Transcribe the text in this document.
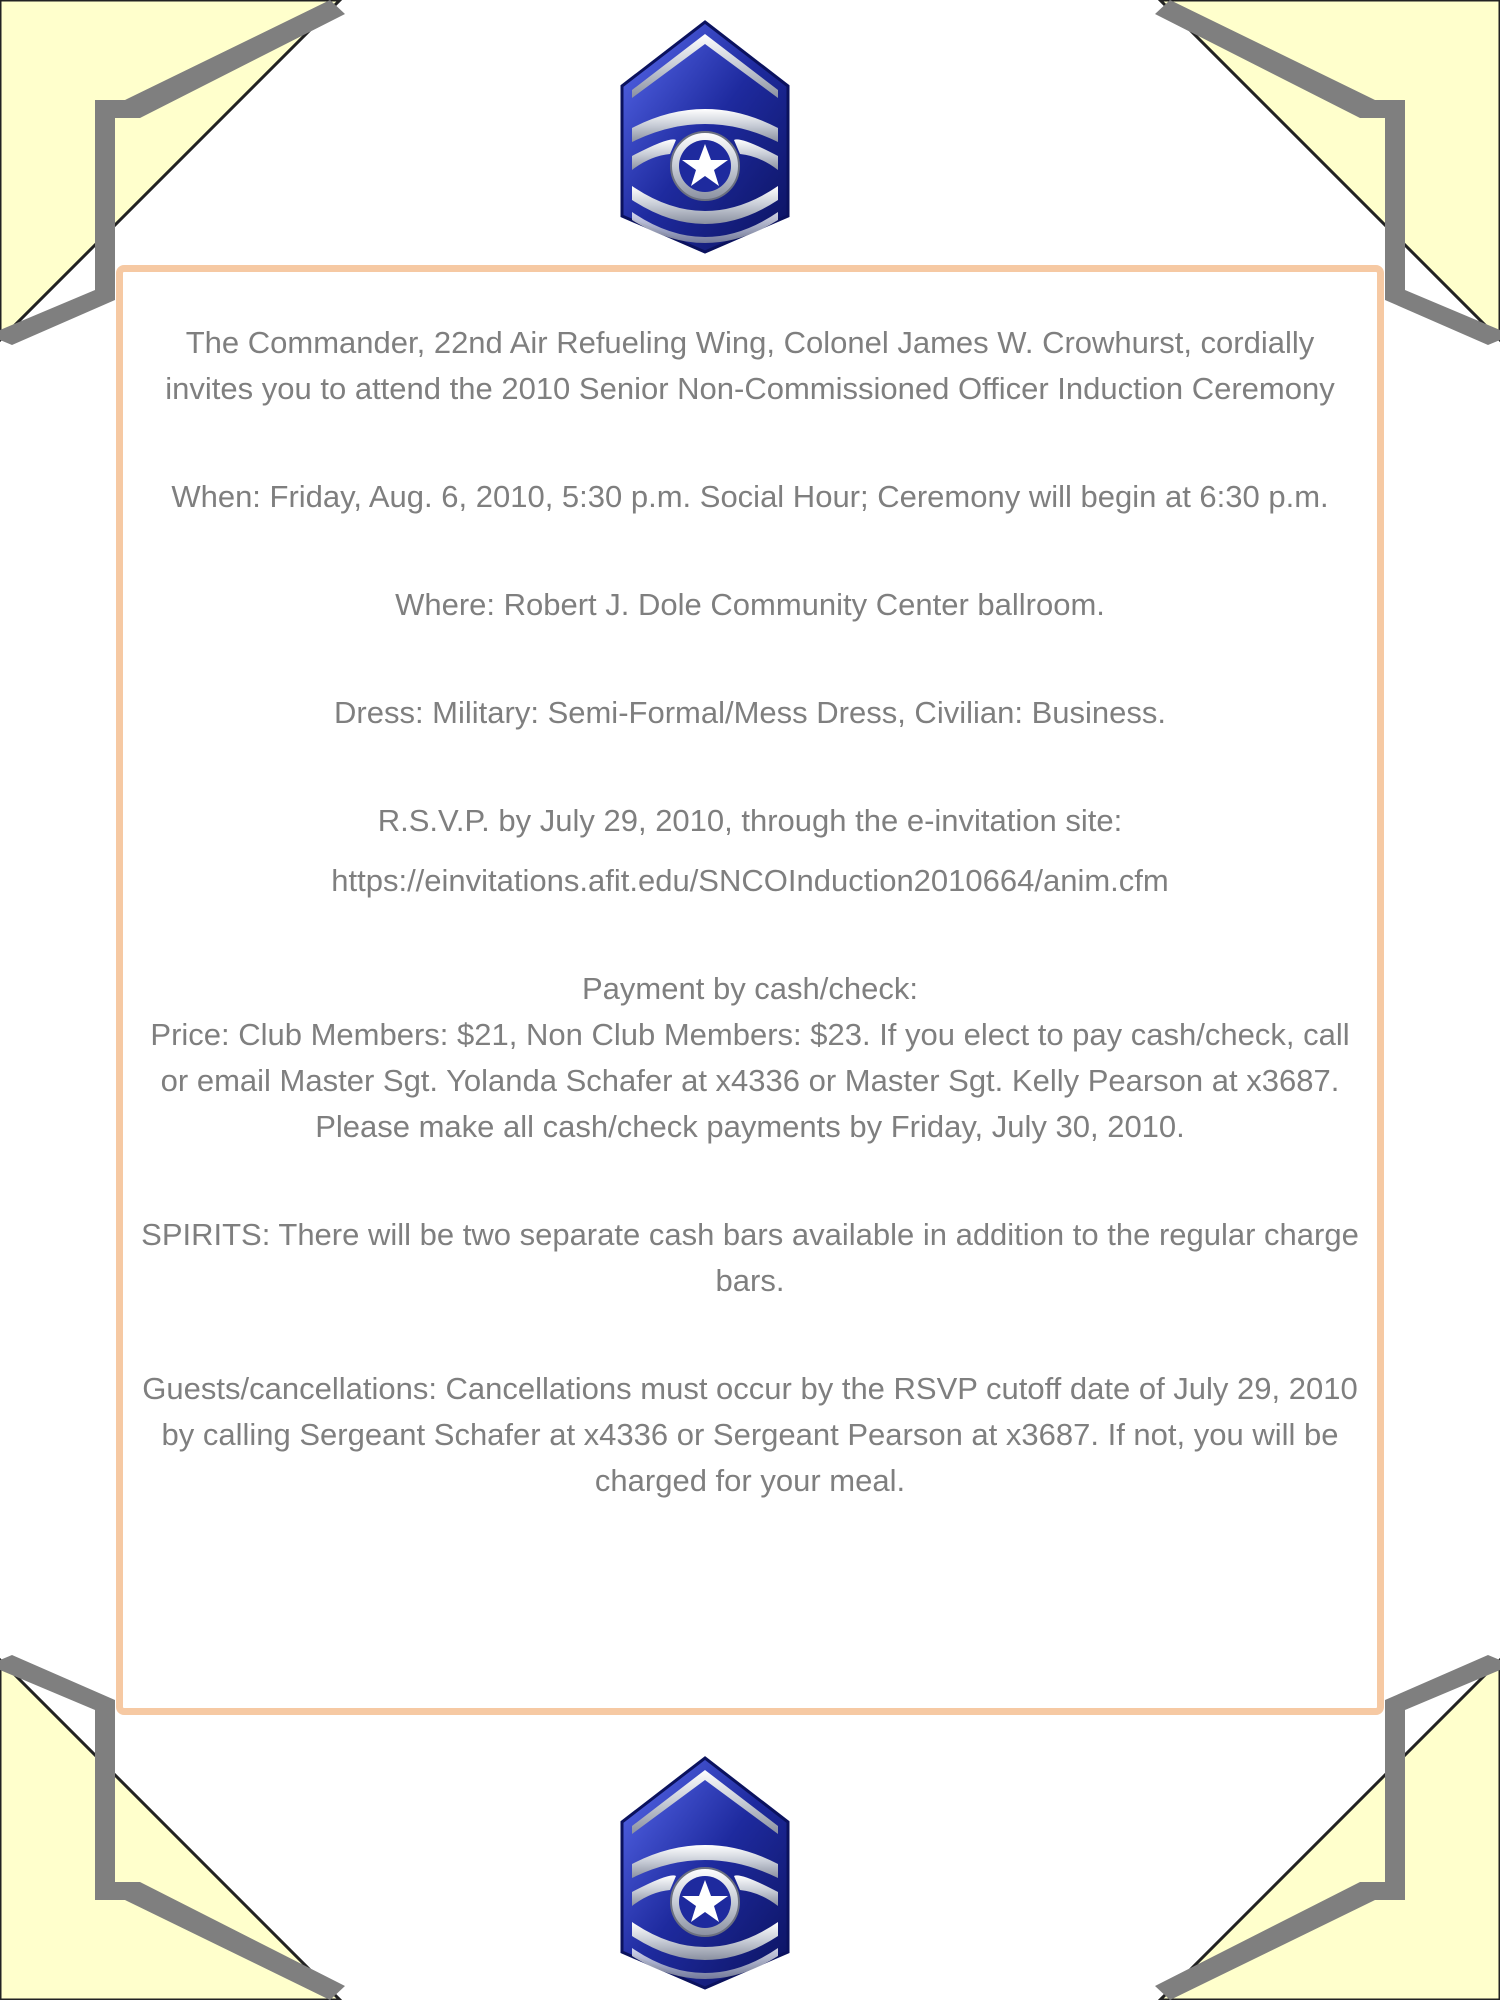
The Commander, 22nd Air Refueling Wing, Colonel James W. Crowhurst, cordially invites you to attend the 2010 Senior Non-Commissioned Officer Induction Ceremony

When: Friday, Aug. 6, 2010, 5:30 p.m. Social Hour; Ceremony will begin at 6:30 p.m.

Where: Robert J. Dole Community Center ballroom.

Dress: Military: Semi-Formal/Mess Dress, Civilian: Business.

R.S.V.P. by July 29, 2010, through the e-invitation site:

https://einvitations.afit.edu/SNCOInduction2010664/anim.cfm

Payment by cash/check:

Price: Club Members: $21, Non Club Members: $23. If you elect to pay cash/check, call or email Master Sgt. Yolanda Schafer at x4336 or Master Sgt. Kelly Pearson at x3687. Please make all cash/check payments by Friday, July 30, 2010.

SPIRITS: There will be two separate cash bars available in addition to the regular charge bars.

Guests/cancellations: Cancellations must occur by the RSVP cutoff date of July 29, 2010 by calling Sergeant Schafer at x4336 or Sergeant Pearson at x3687. If not, you will be charged for your meal.
